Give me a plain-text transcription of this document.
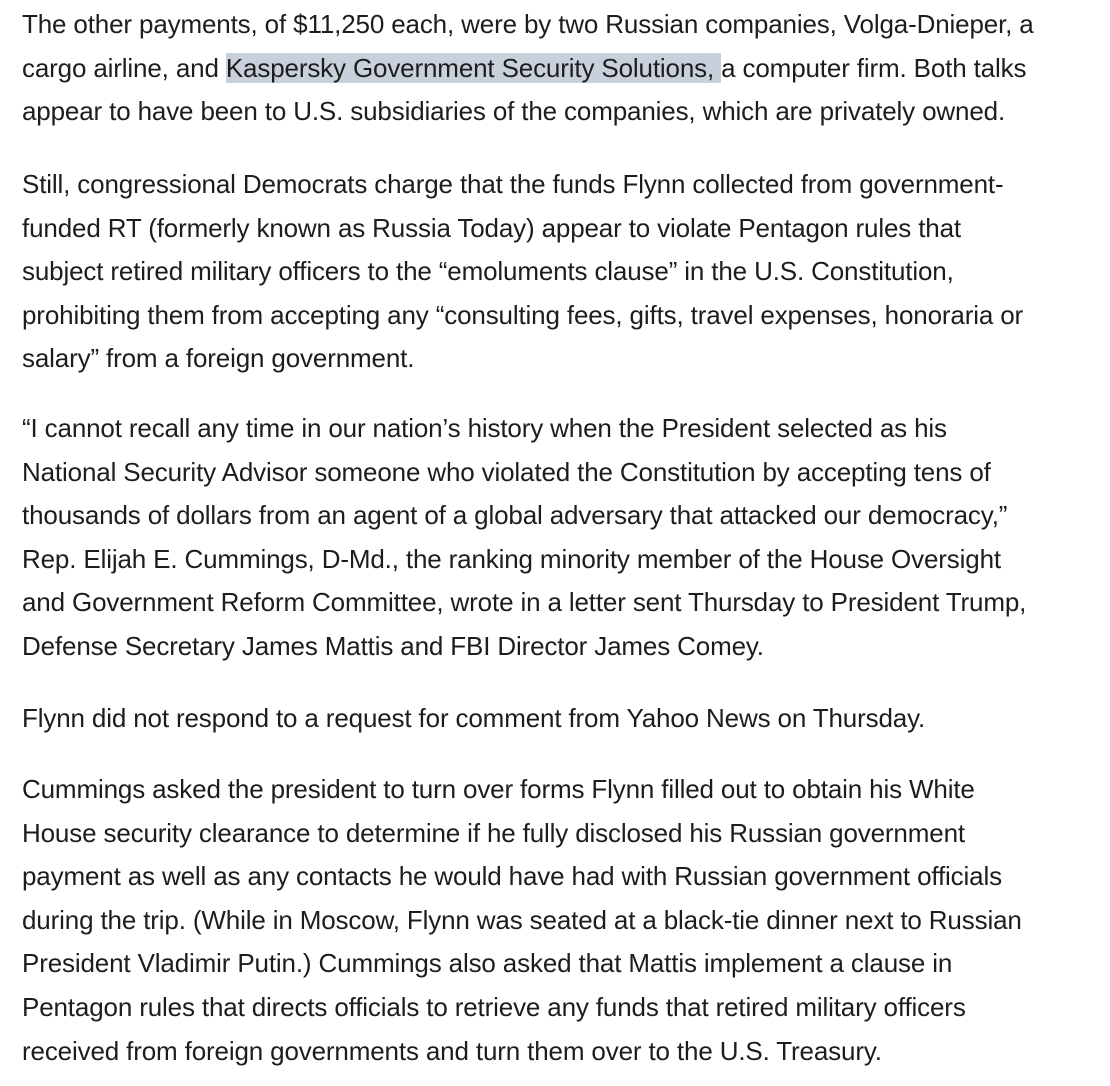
The other payments, of $11,250 each, were by two Russian companies, Volga-Dnieper, a
cargo airline, and Kaspersky Government Security Solutions, a computer firm. Both talks
appear to have been to U.S. subsidiaries of the companies, which are privately owned.

Still, congressional Democrats charge that the funds Flynn collected from government-
funded RT (formerly known as Russia Today) appear to violate Pentagon rules that
subject retired military officers to the “emoluments clause” in the U.S. Constitution,
prohibiting them from accepting any “consulting fees, gifts, travel expenses, honoraria or
salary” from a foreign government.

“I cannot recall any time in our nation’s history when the President selected as his
National Security Advisor someone who violated the Constitution by accepting tens of
thousands of dollars from an agent of a global adversary that attacked our democracy,”
Rep. Elijah E. Cummings, D-Md., the ranking minority member of the House Oversight
and Government Reform Committee, wrote in a letter sent Thursday to President Trump,
Defense Secretary James Mattis and FBI Director James Comey.

Flynn did not respond to a request for comment from Yahoo News on Thursday.

Cummings asked the president to turn over forms Flynn filled out to obtain his White
House security clearance to determine if he fully disclosed his Russian government
payment as well as any contacts he would have had with Russian government officials
during the trip. (While in Moscow, Flynn was seated at a black-tie dinner next to Russian
President Vladimir Putin.) Cummings also asked that Mattis implement a clause in
Pentagon rules that directs officials to retrieve any funds that retired military officers
received from foreign governments and turn them over to the U.S. Treasury.
